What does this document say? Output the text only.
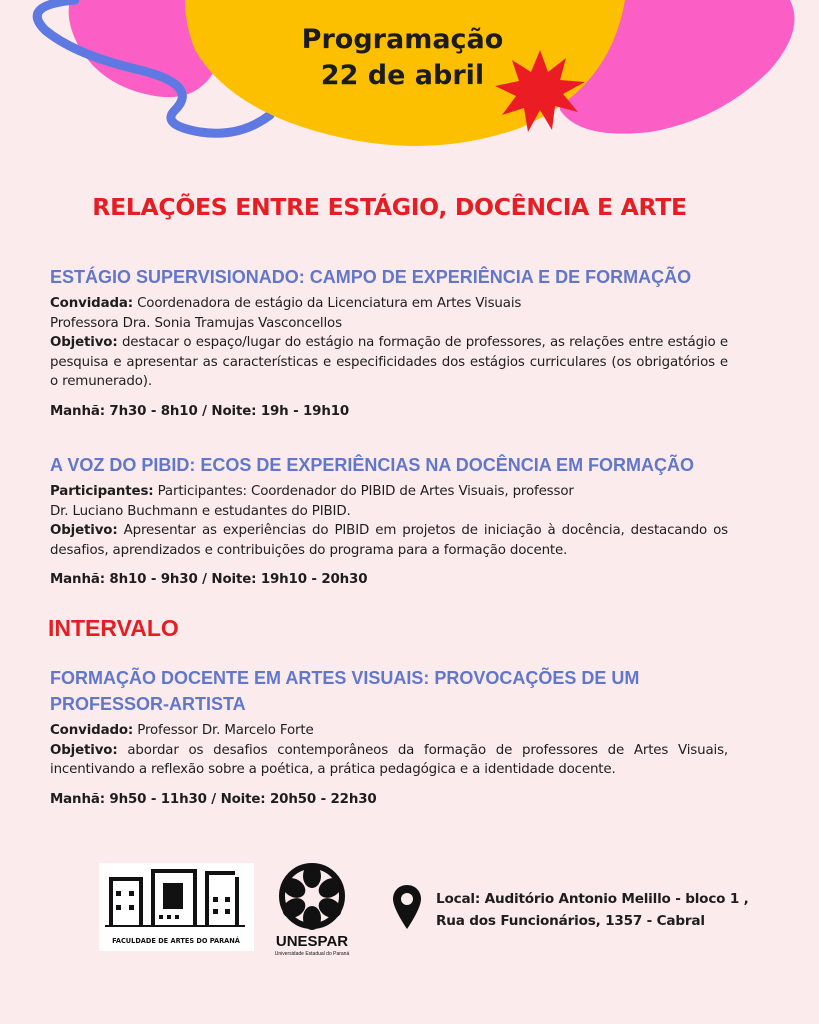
Programação
22 de abril
RELAÇÕES ENTRE ESTÁGIO, DOCÊNCIA E ARTE
ESTÁGIO SUPERVISIONADO: CAMPO DE EXPERIÊNCIA E DE FORMAÇÃO

Convidada: Coordenadora de estágio da Licenciatura em Artes Visuais
Professora Dra. Sonia Tramujas Vasconcellos

Objetivo: destacar o espaço/lugar do estágio na formação de professores, as relações entre estágio e pesquisa e apresentar as características e especificidades dos estágios curriculares (os obrigatórios e o remunerado).

Manhã: 7h30 - 8h10 / Noite: 19h - 19h10
A VOZ DO PIBID: ECOS DE EXPERIÊNCIAS NA DOCÊNCIA EM FORMAÇÃO

Participantes: Participantes: Coordenador do PIBID de Artes Visuais, professor
Dr. Luciano Buchmann e estudantes do PIBID.

Objetivo: Apresentar as experiências do PIBID em projetos de iniciação à docência, destacando os desafios, aprendizados e contribuições do programa para a formação docente.

Manhã: 8h10 - 9h30 / Noite: 19h10 - 20h30
INTERVALO
FORMAÇÃO DOCENTE EM ARTES VISUAIS: PROVOCAÇÕES DE UM
PROFESSOR-ARTISTA

Convidado: Professor Dr. Marcelo Forte

Objetivo: abordar os desafios contemporâneos da formação de professores de Artes Visuais, incentivando a reflexão sobre a poética, a prática pedagógica e a identidade docente.

Manhã: 9h50 - 11h30 / Noite: 20h50 - 22h30
FACULDADE DE ARTES DO PARANÁ UNESPAR
Universidade Estadual do Paraná
Local: Auditório Antonio Melillo - bloco 1 ,
Rua dos Funcionários, 1357 - Cabral
